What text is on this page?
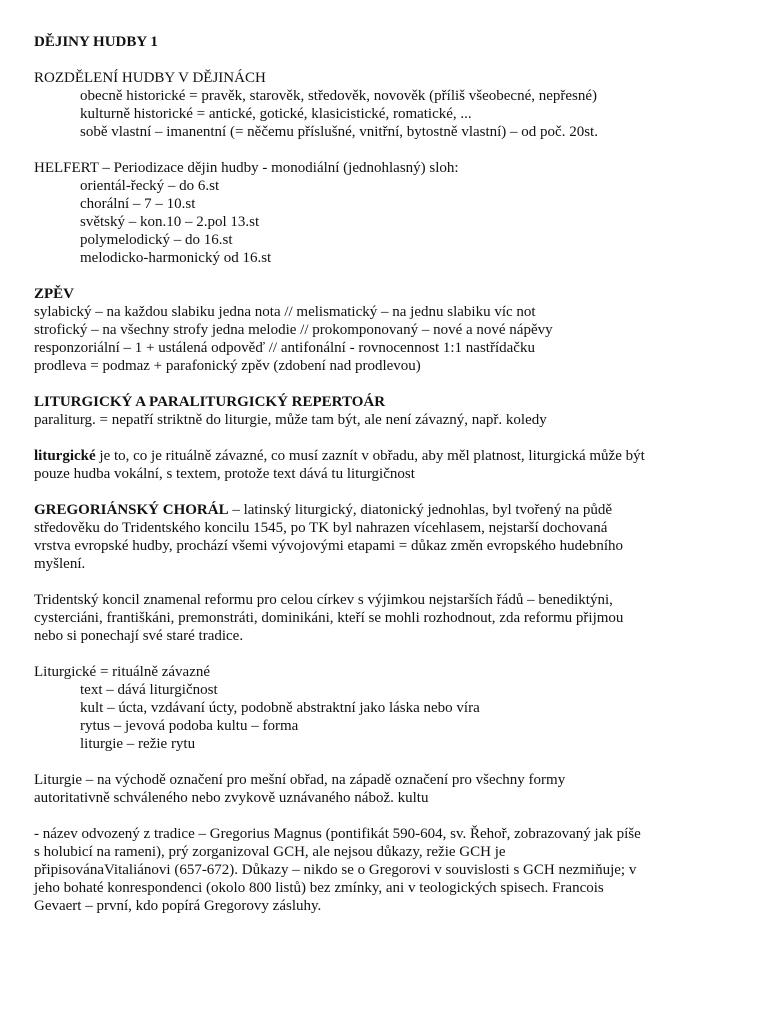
DĚJINY HUDBY 1
ROZDĚLENÍ HUDBY V DĚJINÁCH
obecně historické = pravěk, starověk, středověk, novověk (příliš všeobecné, nepřesné)
kulturně historické = antické, gotické, klasicistické, romatické, ...
sobě vlastní – imanentní (= něčemu příslušné, vnitřní, bytostně vlastní) – od poč. 20st.
HELFERT – Periodizace dějin hudby - monodiální (jednohlasný) sloh:
orientál-řecký – do 6.st
chorální – 7 – 10.st
světský – kon.10 – 2.pol 13.st
polymelodický – do 16.st
melodicko-harmonický od 16.st
ZPĚV
sylabický – na každou slabiku jedna nota // melismatický – na jednu slabiku víc not
strofický – na všechny strofy jedna melodie // prokomponovaný – nové a nové nápěvy
responzoriální – 1 + ustálená odpověď // antifonální - rovnocennost 1:1 nastřídačku
prodleva = podmaz + parafonický zpěv (zdobení nad prodlevou)
LITURGICKÝ A PARALITURGICKÝ REPERTOÁR
paraliturg. = nepatří striktně do liturgie, může tam být, ale není závazný, např. koledy
liturgické je to, co je rituálně závazné, co musí zaznít v obřadu, aby měl platnost, liturgická může být
pouze hudba vokální, s textem, protože text dává tu liturgičnost
GREGORIÁNSKÝ CHORÁL – latinský liturgický, diatonický jednohlas, byl tvořený na půdě
středověku do Tridentského koncilu 1545, po TK byl nahrazen vícehlasem, nejstarší dochovaná
vrstva evropské hudby, prochází všemi vývojovými etapami = důkaz změn evropského hudebního
myšlení.
Tridentský koncil znamenal reformu pro celou církev s výjimkou nejstarších řádů – benediktýni,
cysterciáni, františkáni, premonstráti, dominikáni, kteří se mohli rozhodnout, zda reformu přijmou
nebo si ponechají své staré tradice.
Liturgické = rituálně závazné
text – dává liturgičnost
kult – úcta, vzdávaní úcty, podobně abstraktní jako láska nebo víra
rytus – jevová podoba kultu – forma
liturgie – režie rytu
Liturgie – na východě označení pro mešní obřad, na západě označení pro všechny formy
autoritativně schváleného nebo zvykově uznávaného nábož. kultu
- název odvozený z tradice – Gregorius Magnus (pontifikát 590-604, sv. Řehoř, zobrazovaný jak píše
s holubicí na rameni), prý zorganizoval GCH, ale nejsou důkazy, režie GCH je
připisovánaVitaliánovi (657-672). Důkazy – nikdo se o Gregorovi v souvislosti s GCH nezmiňuje; v
jeho bohaté konrespondenci (okolo 800 listů) bez zmínky, ani v teologických spisech. Francois
Gevaert – první, kdo popírá Gregorovy zásluhy.
